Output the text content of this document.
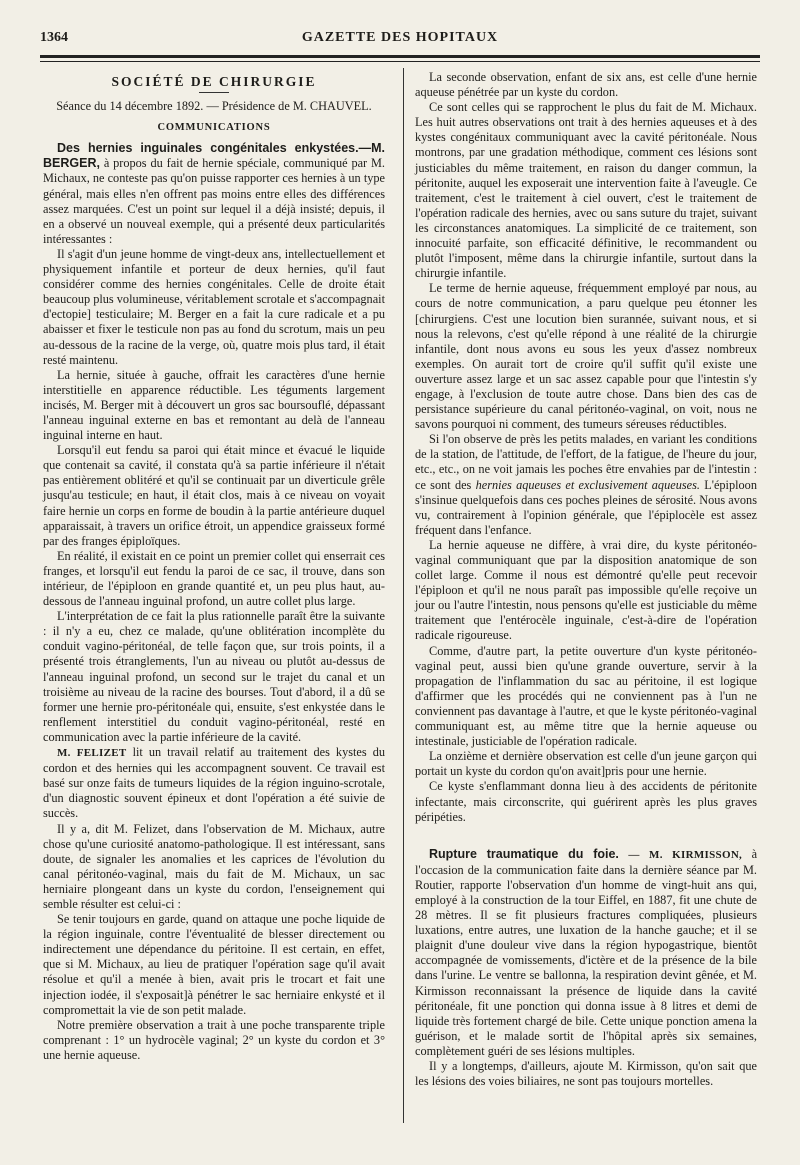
1364	GAZETTE DES HOPITAUX
SOCIÉTÉ DE CHIRURGIE
Séance du 14 décembre 1892. — Présidence de M. CHAUVEL.
COMMUNICATIONS

Des hernies inguinales congénitales enkystées.—M. BERGER, à propos du fait de hernie spéciale, communiqué par M. Michaux, ne conteste pas qu'on puisse rapporter ces hernies à un type général, mais elles n'en offrent pas moins entre elles des différences assez marquées. C'est un point sur lequel il a déjà insisté; depuis, il en a observé un nouveal exemple, qui a présenté deux particularités intéressantes :

Il s'agit d'un jeune homme de vingt-deux ans, intellectuellement et physiquement infantile et porteur de deux hernies, qu'il faut considérer comme des hernies congénitales. Celle de droite était beaucoup plus volumineuse, véritablement scrotale et s'accompagnait d'ectopie] testiculaire; M. Berger en a fait la cure radicale et a pu abaisser et fixer le testicule non pas au fond du scrotum, mais un peu au-dessous de la racine de la verge, où, quatre mois plus tard, il était resté maintenu.

La hernie, située à gauche, offrait les caractères d'une hernie interstitielle en apparence réductible. Les téguments largement incisés, M. Berger mit à découvert un gros sac boursouflé, dépassant l'anneau inguinal externe en bas et remontant au delà de l'anneau inguinal interne en haut.

Lorsqu'il eut fendu sa paroi qui était mince et évacué le liquide que contenait sa cavité, il constata qu'à sa partie inférieure il n'était pas entièrement oblitéré et qu'il se continuait par un diverticule grêle jusqu'au testicule; en haut, il était clos, mais à ce niveau on voyait faire hernie un corps en forme de boudin à la partie antérieure duquel apparaissait, à travers un orifice étroit, un appendice graisseux formé par des franges épiploïques.

En réalité, il existait en ce point un premier collet qui enserrait ces franges, et lorsqu'il eut fendu la paroi de ce sac, il trouve, dans son intérieur, de l'épiploon en grande quantité et, un peu plus haut, au-dessous de l'anneau inguinal profond, un autre collet plus large.

L'interprétation de ce fait la plus rationnelle paraît être la suivante : il n'y a eu, chez ce malade, qu'une oblitération incomplète du conduit vagino-péritonéal, de telle façon que, sur trois points, il a présenté trois étranglements, l'un au niveau ou plutôt au-dessus de l'anneau inguinal profond, un second sur le trajet du canal et un troisième au niveau de la racine des bourses. Tout d'abord, il a dû se former une hernie pro-péritonéale qui, ensuite, s'est enkystée dans le renflement interstitiel du conduit vagino-péritonéal, resté en communication avec la partie inférieure de la cavité.

M. FELIZET lit un travail relatif au traitement des kystes du cordon et des hernies qui les accompagnent souvent. Ce travail est basé sur onze faits de tumeurs liquides de la région inguino-scrotale, d'un diagnostic souvent épineux et dont l'opération a été suivie de succès.

Il y a, dit M. Felizet, dans l'observation de M. Michaux, autre chose qu'une curiosité anatomo-pathologique. Il est intéressant, sans doute, de signaler les anomalies et les caprices de l'évolution du canal péritonéo-vaginal, mais du fait de M. Michaux, un sac herniaire plongeant dans un kyste du cordon, l'enseignement qui semble résulter est celui-ci :

Se tenir toujours en garde, quand on attaque une poche liquide de la région inguinale, contre l'éventualité de blesser directement ou indirectement une dépendance du péritoine. Il est certain, en effet, que si M. Michaux, au lieu de pratiquer l'opération sage qu'il avait résolue et qu'il a menée à bien, avait pris le trocart et fait une injection iodée, il s'exposait]à pénétrer le sac herniaire enkysté et il compromettait la vie de son petit malade.

Notre première observation a trait à une poche transparente triple comprenant : 1° un hydrocèle vaginal; 2° un kyste du cordon et 3° une hernie aqueuse.

La seconde observation, enfant de six ans, est celle d'une hernie aqueuse pénétrée par un kyste du cordon.

Ce sont celles qui se rapprochent le plus du fait de M. Michaux. Les huit autres observations ont trait à des hernies aqueuses et à des kystes congénitaux communiquant avec la cavité péritonéale. Nous montrons, par une gradation méthodique, comment ces lésions sont justiciables du même traitement, en raison du danger commun, la péritonite, auquel les exposerait une intervention faite à l'aveugle. Ce traitement, c'est le traitement à ciel ouvert, c'est le traitement de l'opération radicale des hernies, avec ou sans suture du trajet, suivant les circonstances anatomiques. La simplicité de ce traitement, son innocuité parfaite, son efficacité définitive, le recommandent ou plutôt l'imposent, même dans la chirurgie infantile, surtout dans la chirurgie infantile.

Le terme de hernie aqueuse, fréquemment employé par nous, au cours de notre communication, a paru quelque peu étonner les [chirurgiens. C'est une locution bien surannée, suivant nous, et si nous la relevons, c'est qu'elle répond à une réalité de la chirurgie infantile, dont nous avons eu sous les yeux d'assez nombreux exemples. On aurait tort de croire qu'il suffit qu'il existe une ouverture assez large et un sac assez capable pour que l'intestin s'y engage, à l'exclusion de toute autre chose. Dans bien des cas de persistance supérieure du canal péritonéo-vaginal, on voit, nous ne savons pourquoi ni comment, des tumeurs séreuses réductibles.

Si l'on observe de près les petits malades, en variant les conditions de la station, de l'attitude, de l'effort, de la fatigue, de l'heure du jour, etc., etc., on ne voit jamais les poches être envahies par de l'intestin : ce sont des hernies aqueuses et exclusivement aqueuses. L'épiploon s'insinue quelquefois dans ces poches pleines de sérosité. Nous avons vu, contrairement à l'opinion générale, que l'épiplocèle est assez fréquent dans l'enfance.

La hernie aqueuse ne diffère, à vrai dire, du kyste péritonéo-vaginal communiquant que par la disposition anatomique de son collet large. Comme il nous est démontré qu'elle peut recevoir l'épiploon et qu'il ne nous paraît pas impossible qu'elle reçoive un jour ou l'autre l'intestin, nous pensons qu'elle est justiciable du même traitement que l'entérocèle inguinale, c'est-à-dire de l'opération radicale rigoureuse.

Comme, d'autre part, la petite ouverture d'un kyste péritonéo-vaginal peut, aussi bien qu'une grande ouverture, servir à la propagation de l'inflammation du sac au péritoine, il est logique d'affirmer que les procédés qui ne conviennent pas à l'un ne conviennent pas davantage à l'autre, et que le kyste péritonéo-vaginal communiquant est, au même titre que la hernie aqueuse ou intestinale, justiciable de l'opération radicale.

La onzième et dernière observation est celle d'un jeune garçon qui portait un kyste du cordon qu'on avait]pris pour une hernie.

Ce kyste s'enflammant donna lieu à des accidents de péritonite infectante, mais circonscrite, qui guérirent après les plus graves péripéties.

Rupture traumatique du foie. — M. KIRMISSON, à l'occasion de la communication faite dans la dernière séance par M. Routier, rapporte l'observation d'un homme de vingt-huit ans qui, employé à la construction de la tour Eiffel, en 1887, fit une chute de 28 mètres. Il se fit plusieurs fractures compliquées, plusieurs luxations, entre autres, une luxation de la hanche gauche; et il se plaignit d'une douleur vive dans la région hypogastrique, bientôt accompagnée de vomissements, d'ictère et de la présence de la bile dans l'urine. Le ventre se ballonna, la respiration devint gênée, et M. Kirmisson reconnaissant la présence de liquide dans la cavité péritonéale, fit une ponction qui donna issue à 8 litres et demi de liquide très fortement chargé de bile. Cette unique ponction amena la guérison, et le malade sortit de l'hôpital après six semaines, complètement guéri de ses lésions multiples.

Il y a longtemps, d'ailleurs, ajoute M. Kirmisson, qu'on sait que les lésions des voies biliaires, ne sont pas toujours mortelles.
